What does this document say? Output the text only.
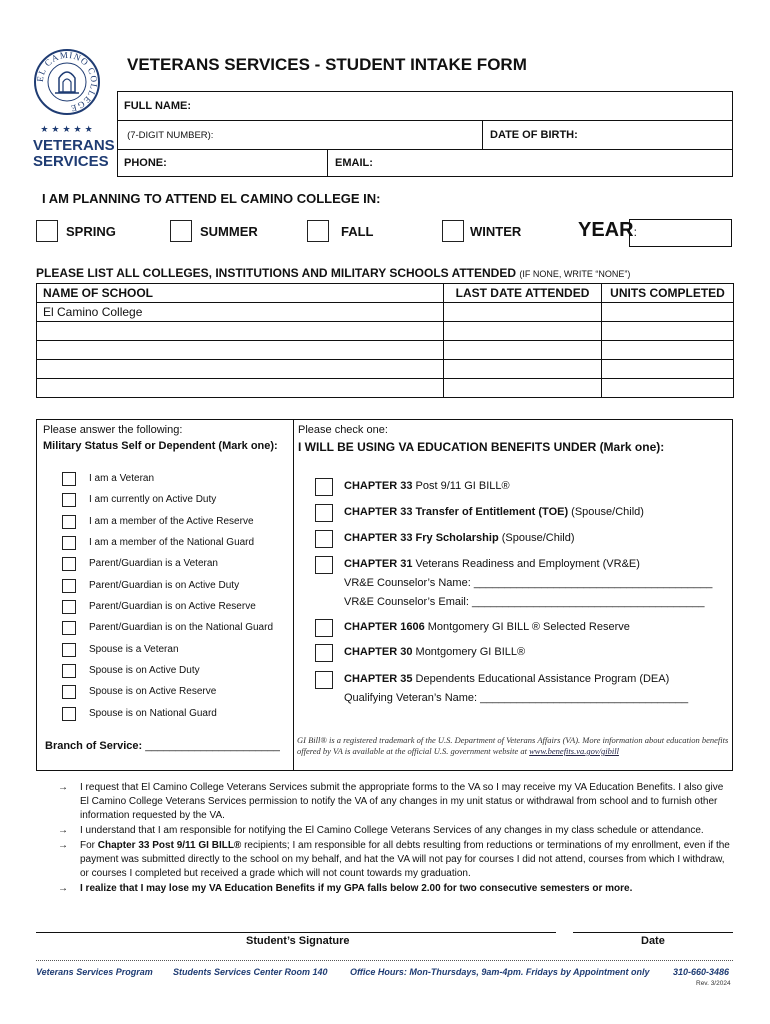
EL CAMINO COLLEGE
★★★★★
VETERANS
SERVICES
VETERANS SERVICES - STUDENT INTAKE FORM
FULL NAME:

(7-DIGIT NUMBER):	DATE OF BIRTH:
PHONE:	EMAIL:
I AM PLANNING TO ATTEND EL CAMINO COLLEGE IN:
SPRING	SUMMER	FALL	WINTER	YEAR:
PLEASE LIST ALL COLLEGES, INSTITUTIONS AND MILITARY SCHOOLS ATTENDED (IF NONE, WRITE “NONE”)
NAME OF SCHOOL	LAST DATE ATTENDED	UNITS COMPLETED
El Camino College		

Please answer the following:
Military Status Self or Dependent (Mark one):
Please check one:
I WILL BE USING VA EDUCATION BENEFITS UNDER (Mark one):
I am a Veteran
I am currently on Active Duty
I am a member of the Active Reserve
I am a member of the National Guard
Parent/Guardian is a Veteran
Parent/Guardian is on Active Duty
Parent/Guardian is on Active Reserve
Parent/Guardian is on the National Guard
Spouse is a Veteran
Spouse is on Active Duty
Spouse is on Active Reserve
Spouse is on National Guard
Branch of Service: ______________________
CHAPTER 33 Post 9/11 GI BILL®
CHAPTER 33 Transfer of Entitlement (TOE) (Spouse/Child)
CHAPTER 33 Fry Scholarship (Spouse/Child)
CHAPTER 31 Veterans Readiness and Employment (VR&E)
VR&E Counselor’s Name: _______________________________________
VR&E Counselor’s Email: ______________________________________
CHAPTER 1606 Montgomery GI BILL ® Selected Reserve
CHAPTER 30 Montgomery GI BILL®
CHAPTER 35 Dependents Educational Assistance Program (DEA)
Qualifying Veteran’s Name: __________________________________
GI Bill® is a registered trademark of the U.S. Department of Veterans Affairs (VA). More information about education benefits offered by VA is available at the official U.S. government website at www.benefits.va.gov/gibill
→ I request that El Camino College Veterans Services submit the appropriate forms to the VA so I may receive my VA Education Benefits. I also give El Camino College Veterans Services permission to notify the VA of any changes in my unit status or withdrawal from school and to furnish other information requested by the VA.
→ I understand that I am responsible for notifying the El Camino College Veterans Services of any changes in my class schedule or attendance.
→ For Chapter 33 Post 9/11 GI BILL® recipients; I am responsible for all debts resulting from reductions or terminations of my enrollment, even if the payment was submitted directly to the school on my behalf, and hat the VA will not pay for courses I did not attend, courses from which I withdraw, or courses I completed but received a grade which will not count towards my graduation.
→ I realize that I may lose my VA Education Benefits if my GPA falls below 2.00 for two consecutive semesters or more.
Student’s Signature	Date
Veterans Services Program Students Services Center Room 140 Office Hours: Mon-Thursdays, 9am-4pm. Fridays by Appointment only	310-660-3486
Rev. 3/2024
